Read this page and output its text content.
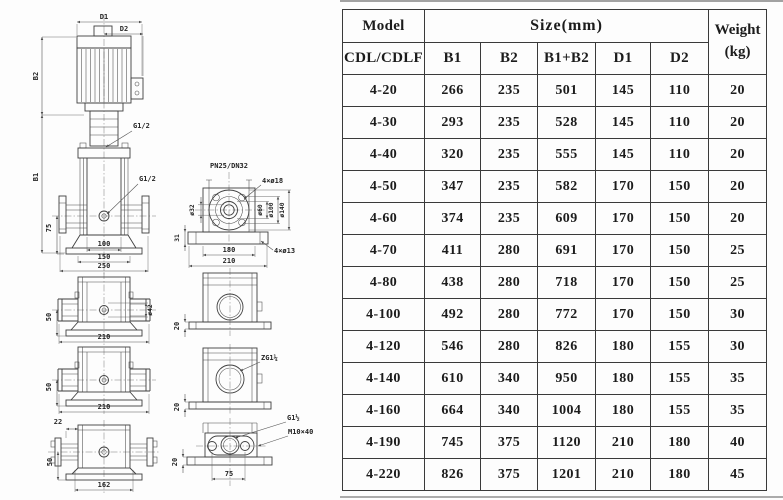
D1
D2
B2
B1
G1/2
G1/2
75
100
150
250
PN25/DN32
4×ø18
ø32	ø60 ø100 ø140
31
180
210
4×ø13
ø42
50
210
50
210
22
50
162
20
20
ZG1¼
G1½
M10×40
20
75
Model	Size(mm)					Weight
(kg)

CDL/CDLF	B1	B2	B1+B2	D1	D2	
4-20	266	235	501	145	110	20
4-30	293	235	528	145	110	20
4-40	320	235	555	145	110	20
4-50	347	235	582	170	150	20
4-60	374	235	609	170	150	20
4-70	411	280	691	170	150	25
4-80	438	280	718	170	150	25
4-100	492	280	772	170	150	30
4-120	546	280	826	180	155	30
4-140	610	340	950	180	155	35
4-160	664	340	1004	180	155	35
4-190	745	375	1120	210	180	40
4-220	826	375	1201	210	180	45
